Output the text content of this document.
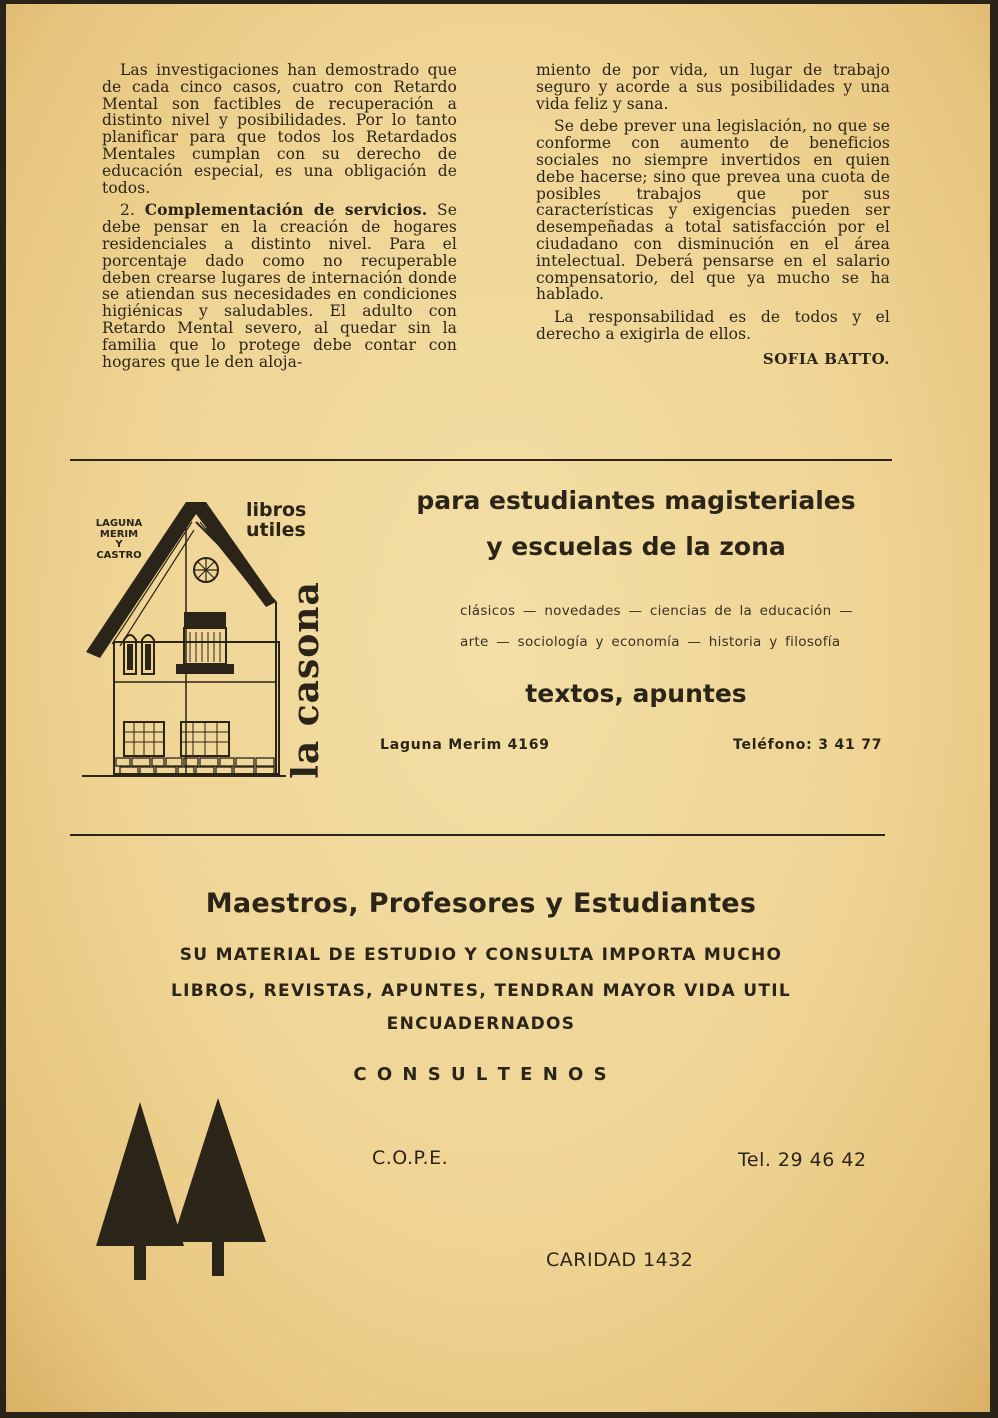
Las investigaciones han demostrado que de cada cinco casos, cuatro con Retardo Mental son factibles de recuperación a distinto nivel y posibilidades. Por lo tanto planificar para que todos los Retardados Mentales cumplan con su derecho de educación especial, es una obligación de todos.

2. Complementación de servicios. Se debe pensar en la creación de hogares residenciales a distinto nivel. Para el porcentaje dado como no recuperable deben crearse lugares de internación donde se atiendan sus necesidades en condiciones higiénicas y saludables. El adulto con Retardo Mental severo, al quedar sin la familia que lo protege debe contar con hogares que le den aloja-

miento de por vida, un lugar de trabajo seguro y acorde a sus posibilidades y una vida feliz y sana.

Se debe prever una legislación, no que se conforme con aumento de beneficios sociales no siempre invertidos en quien debe hacerse; sino que prevea una cuota de posibles trabajos que por sus características y exigencias pueden ser desempeñadas a total satisfacción por el ciudadano con disminución en el área intelectual. Deberá pensarse en el salario compensatorio, del que ya mucho se ha hablado.

La responsabilidad es de todos y el derecho a exigirla de ellos.

SOFIA BATTO.
LAGUNA
MERIM
Y
CASTRO
libros
utiles
la casona
para estudiantes magisteriales
y escuelas de la zona
clásicos — novedades — ciencias de la educación —
arte — sociología y economía — historia y filosofía
textos, apuntes
Laguna Merim 4169	Teléfono: 3 41 77
Maestros, Profesores y Estudiantes
SU MATERIAL DE ESTUDIO Y CONSULTA IMPORTA MUCHO
LIBROS, REVISTAS, APUNTES, TENDRAN MAYOR VIDA UTIL
ENCUADERNADOS
C O N S U L T E N O S
C.O.P.E.	Tel. 29 46 42
CARIDAD 1432
